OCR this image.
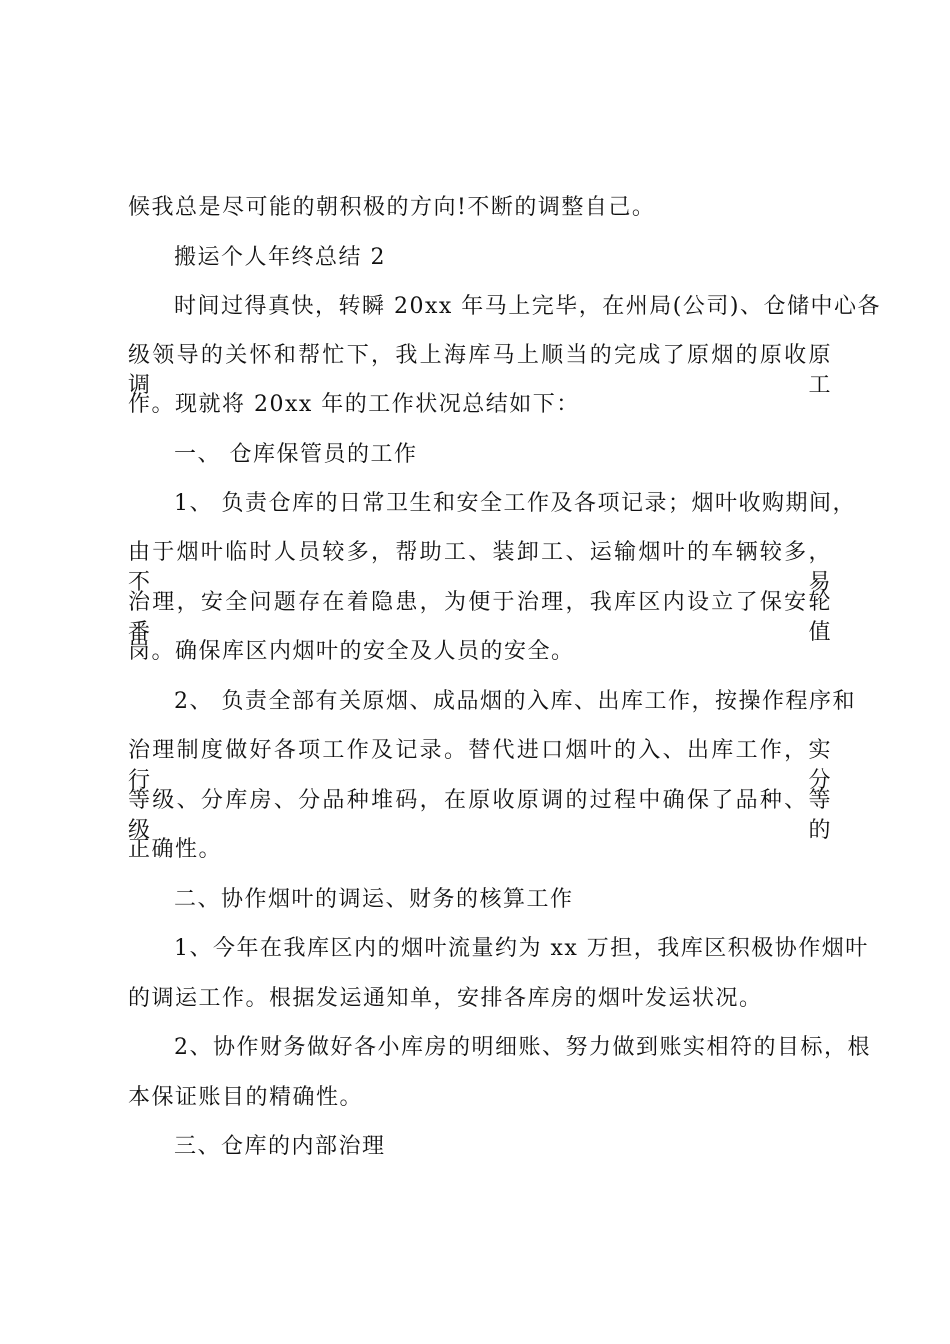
候我总是尽可能的朝积极的方向!不断的调整自己。
搬运个人年终总结 2
时间过得真快，转瞬 20xx 年马上完毕，在州局(公司)、仓储中心各
级领导的关怀和帮忙下，我上海库马上顺当的完成了原烟的原收原调工
作。现就将 20xx 年的工作状况总结如下：
一、 仓库保管员的工作
1、 负责仓库的日常卫生和安全工作及各项记录；烟叶收购期间，
由于烟叶临时人员较多，帮助工、装卸工、运输烟叶的车辆较多，不易
治理，安全问题存在着隐患，为便于治理，我库区内设立了保安轮番值
岗。确保库区内烟叶的安全及人员的安全。
2、 负责全部有关原烟、成品烟的入库、出库工作，按操作程序和
治理制度做好各项工作及记录。替代进口烟叶的入、出库工作，实行分
等级、分库房、分品种堆码，在原收原调的过程中确保了品种、等级的
正确性。
二、协作烟叶的调运、财务的核算工作
1、今年在我库区内的烟叶流量约为 xx 万担，我库区积极协作烟叶
的调运工作。根据发运通知单，安排各库房的烟叶发运状况。
2、协作财务做好各小库房的明细账、努力做到账实相符的目标，根
本保证账目的精确性。
三、仓库的内部治理
